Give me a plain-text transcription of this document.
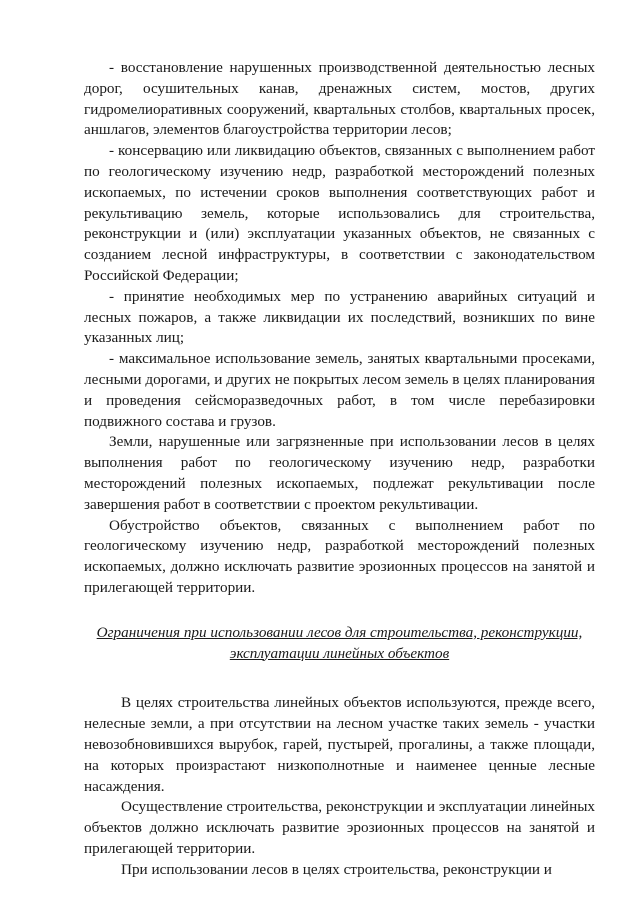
- восстановление нарушенных производственной деятельностью лесных дорог, осушительных канав, дренажных систем, мостов, других гидромелиоративных сооружений, квартальных столбов, квартальных просек, аншлагов, элементов благоустройства территории лесов;

- консервацию или ликвидацию объектов, связанных с выполнением работ по геологическому изучению недр, разработкой месторождений полезных ископаемых, по истечении сроков выполнения соответствующих работ и рекультивацию земель, которые использовались для строительства, реконструкции и (или) эксплуатации указанных объектов, не связанных с созданием лесной инфраструктуры, в соответствии с законодательством Российской Федерации;

- принятие необходимых мер по устранению аварийных ситуаций и лесных пожаров, а также ликвидации их последствий, возникших по вине указанных лиц;

- максимальное использование земель, занятых квартальными просеками, лесными дорогами, и других не покрытых лесом земель в целях планирования и проведения сейсморазведочных работ, в том числе перебазировки подвижного состава и грузов.

Земли, нарушенные или загрязненные при использовании лесов в целях выполнения работ по геологическому изучению недр, разработки месторождений полезных ископаемых, подлежат рекультивации после завершения работ в соответствии с проектом рекультивации.

Обустройство объектов, связанных с выполнением работ по геологическому изучению недр, разработкой месторождений полезных ископаемых, должно исключать развитие эрозионных процессов на занятой и прилегающей территории.

Ограничения при использовании лесов для строительства, реконструкции,
эксплуатации линейных объектов

В целях строительства линейных объектов используются, прежде всего, нелесные земли, а при отсутствии на лесном участке таких земель - участки невозобновившихся вырубок, гарей, пустырей, прогалины, а также площади, на которых произрастают низкополнотные и наименее ценные лесные насаждения.

Осуществление строительства, реконструкции и эксплуатации линейных объектов должно исключать развитие эрозионных процессов на занятой и прилегающей территории.

При использовании лесов в целях строительства, реконструкции и
